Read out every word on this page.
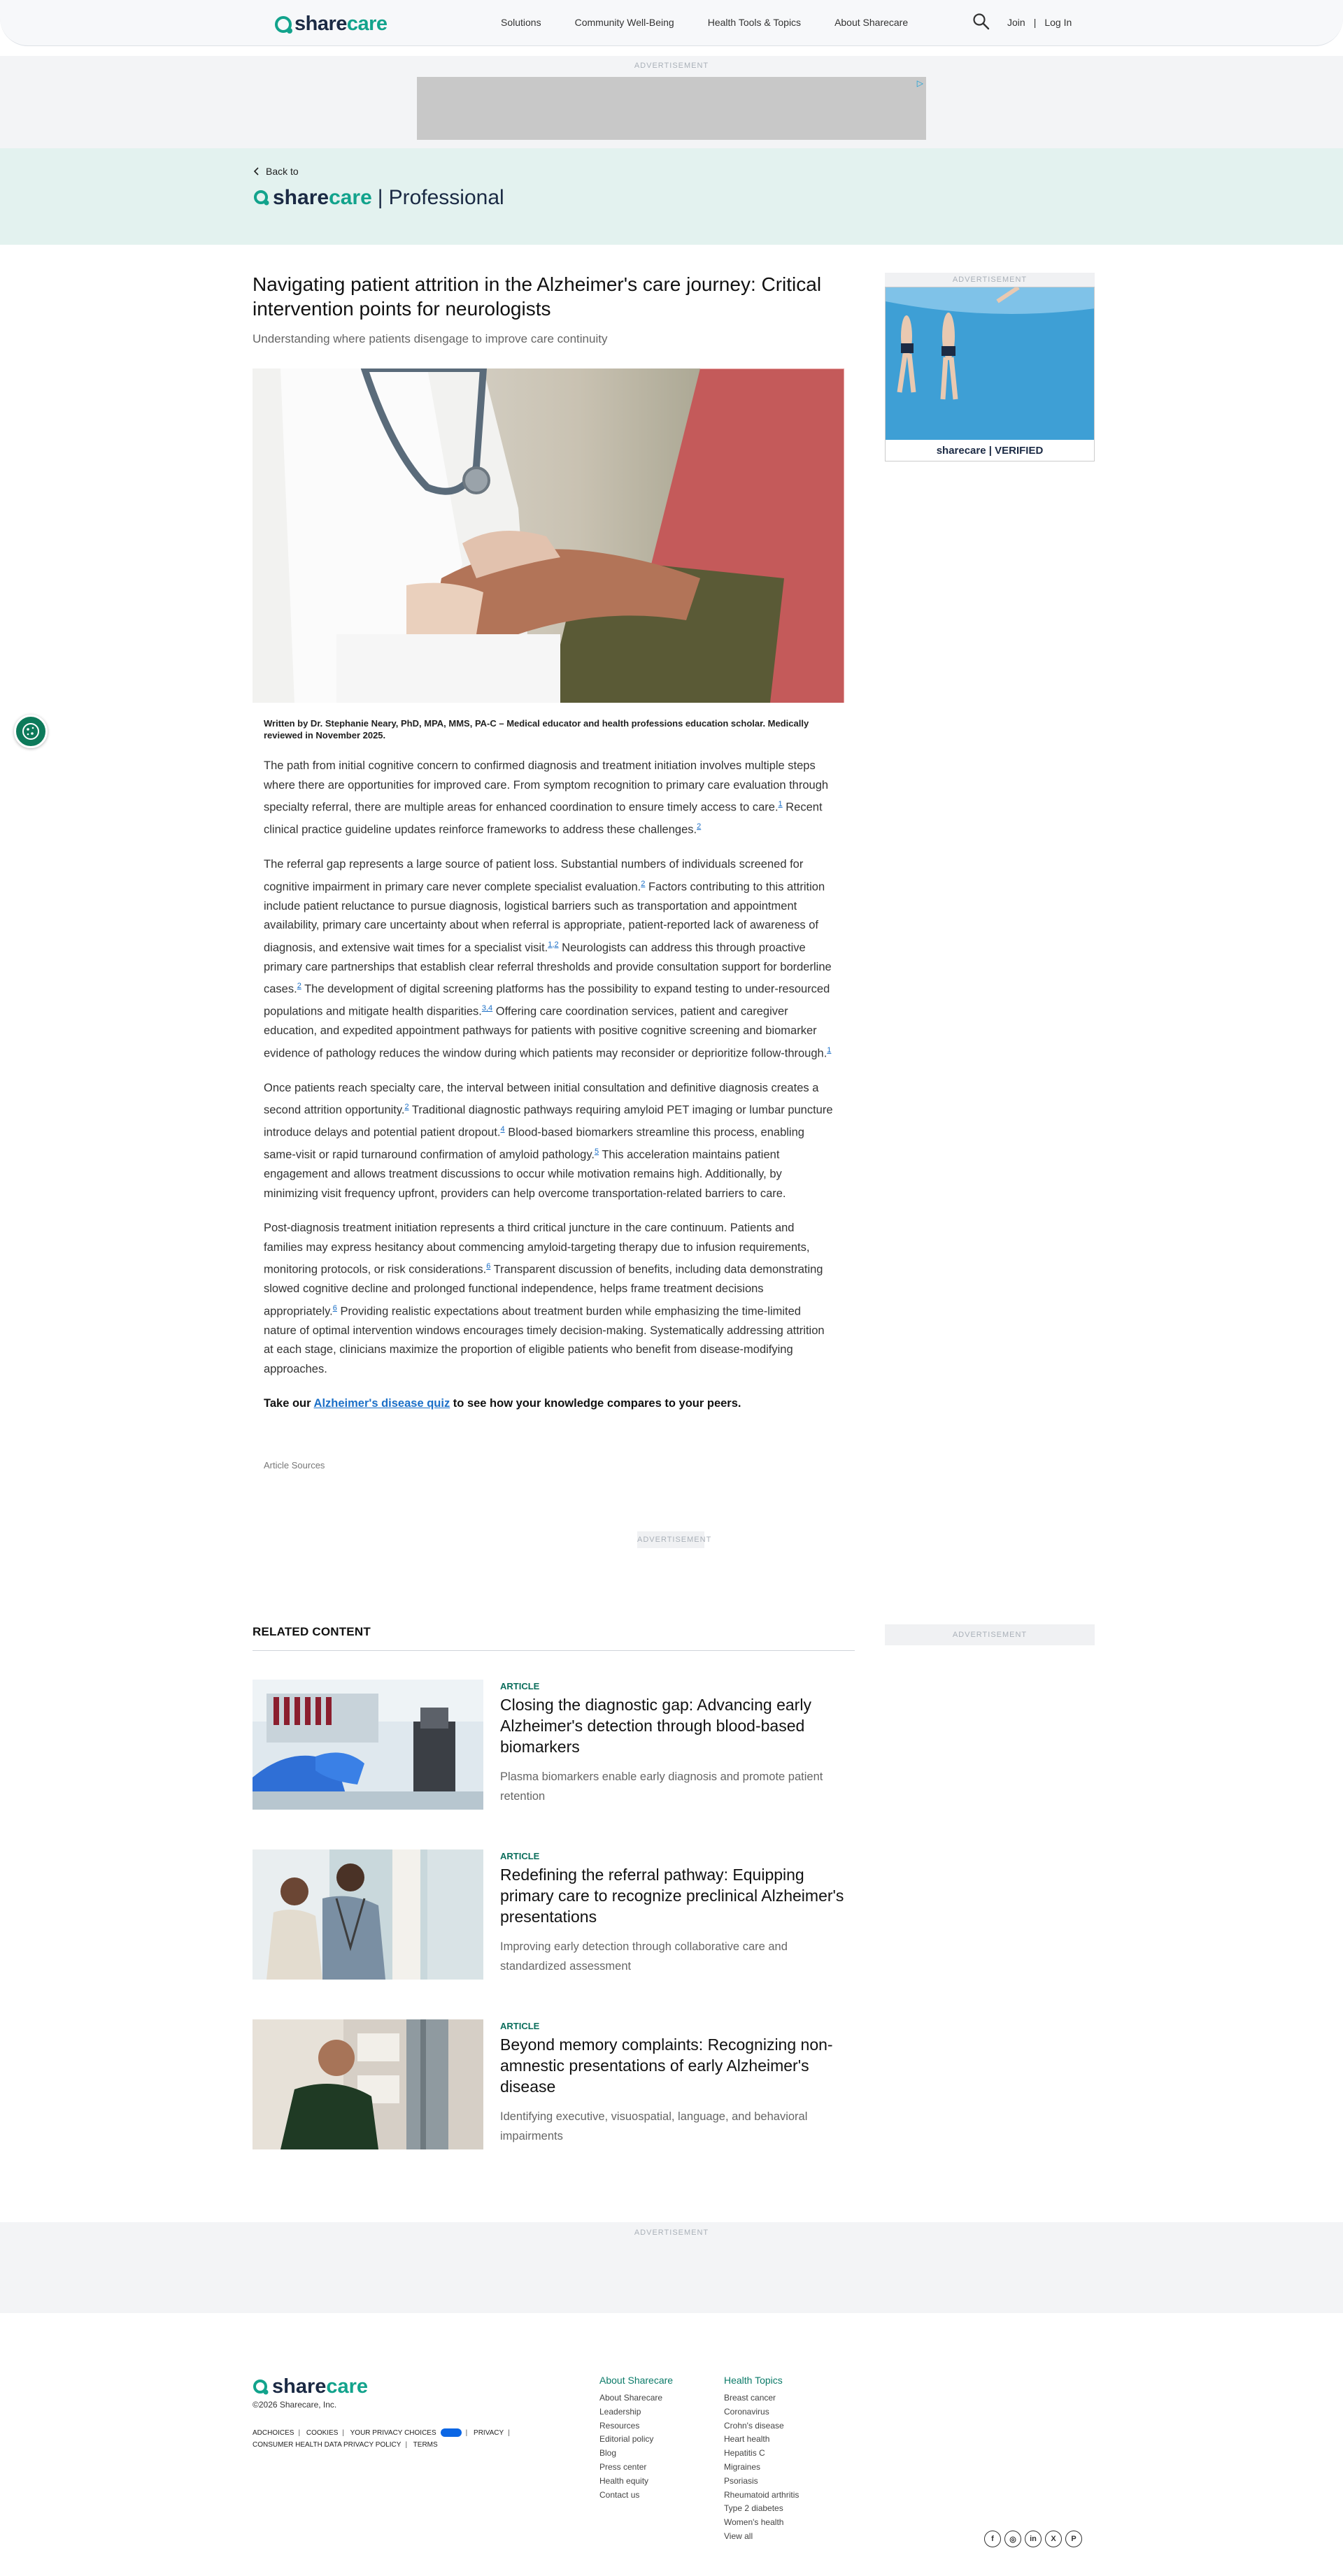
share care	Solutions	Community Well-Being	Health Tools & Topics	About Sharecare	Join | Log In
ADVERTISEMENT
▷
Back to
share care | Professional
Navigating patient attrition in the Alzheimer's care journey: Critical intervention points for neurologists
Understanding where patients disengage to improve care continuity
Written by Dr. Stephanie Neary, PhD, MPA, MMS, PA-C – Medical educator and health professions education scholar. Medically reviewed in November 2025.

The path from initial cognitive concern to confirmed diagnosis and treatment initiation involves multiple steps where there are opportunities for improved care. From symptom recognition to primary care evaluation through specialty referral, there are multiple areas for enhanced coordination to ensure timely access to care.$^1$ Recent clinical practice guideline updates reinforce frameworks to address these challenges.$^2$

The referral gap represents a large source of patient loss. Substantial numbers of individuals screened for cognitive impairment in primary care never complete specialist evaluation.$^2$ Factors contributing to this attrition include patient reluctance to pursue diagnosis, logistical barriers such as transportation and appointment availability, primary care uncertainty about when referral is appropriate, patient-reported lack of awareness of diagnosis, and extensive wait times for a specialist visit.$^{1,2}$ Neurologists can address this through proactive primary care partnerships that establish clear referral thresholds and provide consultation support for borderline cases.$^2$ The development of digital screening platforms has the possibility to expand testing to under-resourced populations and mitigate health disparities.$^{3,4}$ Offering care coordination services, patient and caregiver education, and expedited appointment pathways for patients with positive cognitive screening and biomarker evidence of pathology reduces the window during which patients may reconsider or deprioritize follow-through.$^1$

Once patients reach specialty care, the interval between initial consultation and definitive diagnosis creates a second attrition opportunity.$^2$ Traditional diagnostic pathways requiring amyloid PET imaging or lumbar puncture introduce delays and potential patient dropout.$^4$ Blood-based biomarkers streamline this process, enabling same-visit or rapid turnaround confirmation of amyloid pathology.$^5$ This acceleration maintains patient engagement and allows treatment discussions to occur while motivation remains high. Additionally, by minimizing visit frequency upfront, providers can help overcome transportation-related barriers to care.

Post-diagnosis treatment initiation represents a third critical juncture in the care continuum. Patients and families may express hesitancy about commencing amyloid-targeting therapy due to infusion requirements, monitoring protocols, or risk considerations.$^6$ Transparent discussion of benefits, including data demonstrating slowed cognitive decline and prolonged functional independence, helps frame treatment decisions appropriately.$^6$ Providing realistic expectations about treatment burden while emphasizing the time-limited nature of optimal intervention windows encourages timely decision-making. Systematically addressing attrition at each stage, clinicians maximize the proportion of eligible patients who benefit from disease-modifying approaches.

Take our Alzheimer's disease quiz to see how your knowledge compares to your peers.

Article Sources
ADVERTISEMENT
sharecare | VERIFIED
ADVERTISEMENT
RELATED CONTENT	ADVERTISEMENT
ARTICLE
Closing the diagnostic gap: Advancing early Alzheimer's detection through blood-based biomarkers
Plasma biomarkers enable early diagnosis and promote patient retention
ARTICLE
Redefining the referral pathway: Equipping primary care to recognize preclinical Alzheimer's presentations
Improving early detection through collaborative care and standardized assessment
ARTICLE
Beyond memory complaints: Recognizing non-amnestic presentations of early Alzheimer's disease
Identifying executive, visuospatial, language, and behavioral impairments
ADVERTISEMENT
share care
©2026 Sharecare, Inc.
ADCHOICES | COOKIES | YOUR PRIVACY CHOICES	| PRIVACY |
CONSUMER HEALTH DATA PRIVACY POLICY | TERMS
About Sharecare
About Sharecare
Leadership
Resources
Editorial policy
Blog
Press center
Health equity
Contact us
Health Topics
Breast cancer
Coronavirus
Crohn's disease
Heart health
Hepatitis C
Migraines
Psoriasis
Rheumatoid arthritis
Type 2 diabetes
Women's health
View all	f	◎	in	X	P
